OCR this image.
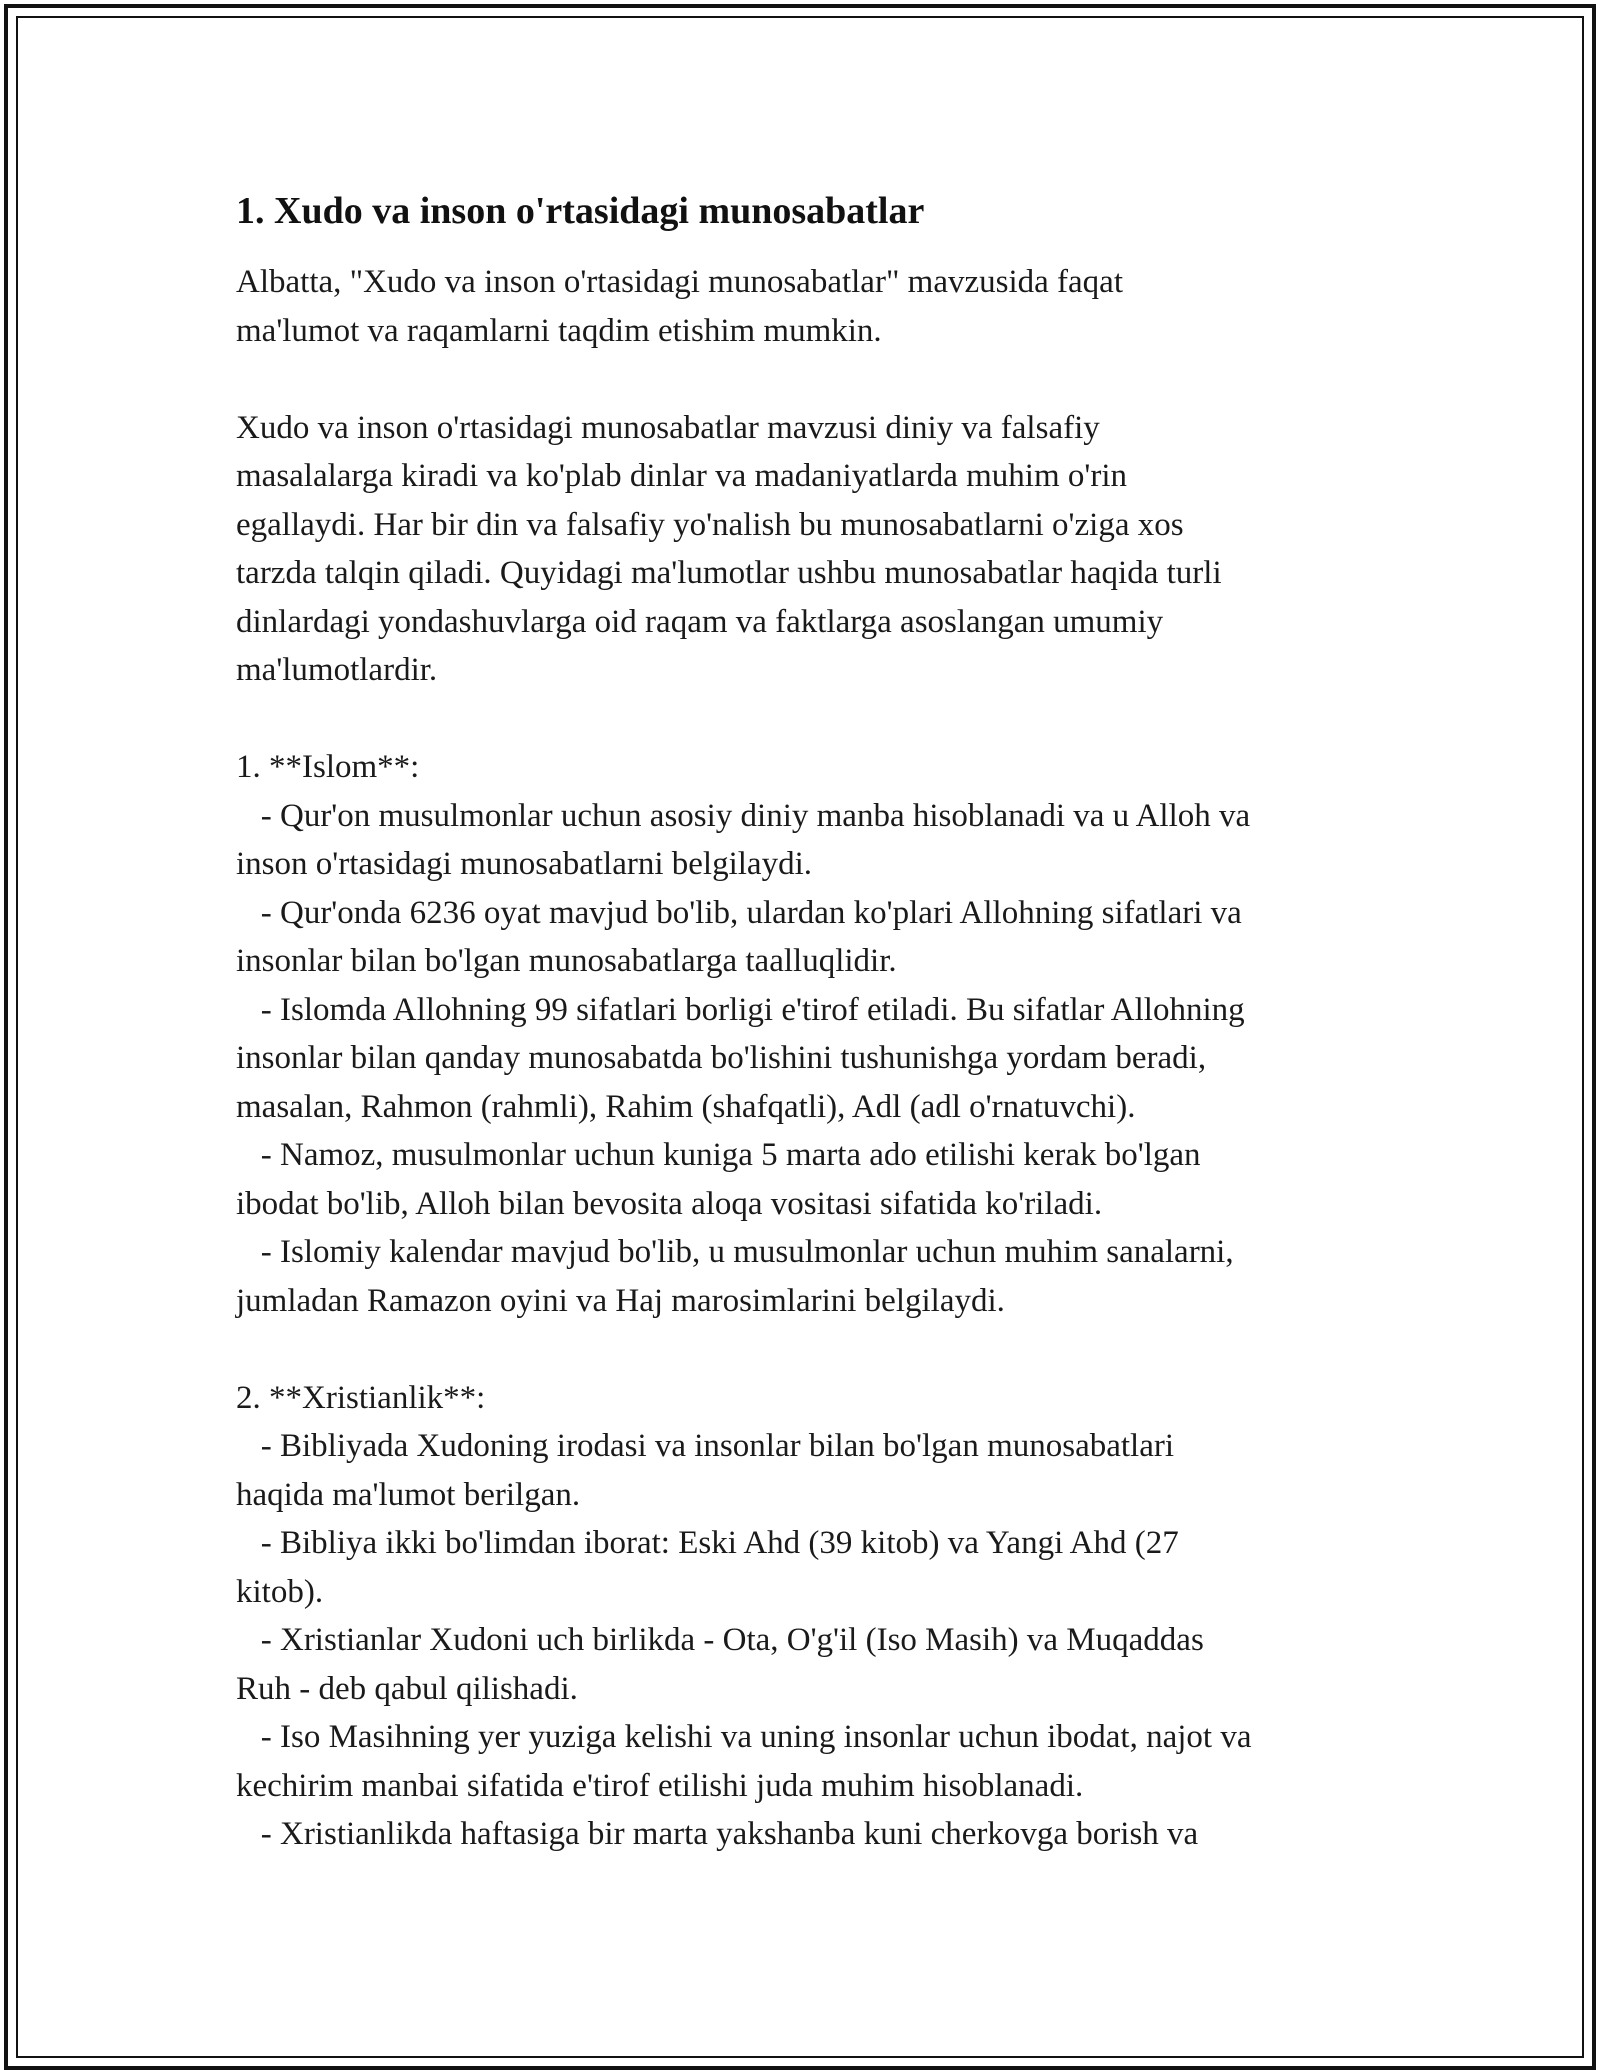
1. Xudo va inson o'rtasidagi munosabatlar

Albatta, "Xudo va inson o'rtasidagi munosabatlar" mavzusida faqat
ma'lumot va raqamlarni taqdim etishim mumkin.

Xudo va inson o'rtasidagi munosabatlar mavzusi diniy va falsafiy
masalalarga kiradi va ko'plab dinlar va madaniyatlarda muhim o'rin
egallaydi. Har bir din va falsafiy yo'nalish bu munosabatlarni o'ziga xos
tarzda talqin qiladi. Quyidagi ma'lumotlar ushbu munosabatlar haqida turli
dinlardagi yondashuvlarga oid raqam va faktlarga asoslangan umumiy
ma'lumotlardir.

1. **Islom**:

- Qur'on musulmonlar uchun asosiy diniy manba hisoblanadi va u Alloh va
inson o'rtasidagi munosabatlarni belgilaydi.

- Qur'onda 6236 oyat mavjud bo'lib, ulardan ko'plari Allohning sifatlari va
insonlar bilan bo'lgan munosabatlarga taalluqlidir.

- Islomda Allohning 99 sifatlari borligi e'tirof etiladi. Bu sifatlar Allohning
insonlar bilan qanday munosabatda bo'lishini tushunishga yordam beradi,
masalan, Rahmon (rahmli), Rahim (shafqatli), Adl (adl o'rnatuvchi).

- Namoz, musulmonlar uchun kuniga 5 marta ado etilishi kerak bo'lgan
ibodat bo'lib, Alloh bilan bevosita aloqa vositasi sifatida ko'riladi.

- Islomiy kalendar mavjud bo'lib, u musulmonlar uchun muhim sanalarni,
jumladan Ramazon oyini va Haj marosimlarini belgilaydi.

2. **Xristianlik**:

- Bibliyada Xudoning irodasi va insonlar bilan bo'lgan munosabatlari
haqida ma'lumot berilgan.

- Bibliya ikki bo'limdan iborat: Eski Ahd (39 kitob) va Yangi Ahd (27
kitob).

- Xristianlar Xudoni uch birlikda - Ota, O'g'il (Iso Masih) va Muqaddas
Ruh - deb qabul qilishadi.

- Iso Masihning yer yuziga kelishi va uning insonlar uchun ibodat, najot va
kechirim manbai sifatida e'tirof etilishi juda muhim hisoblanadi.

- Xristianlikda haftasiga bir marta yakshanba kuni cherkovga borish va
